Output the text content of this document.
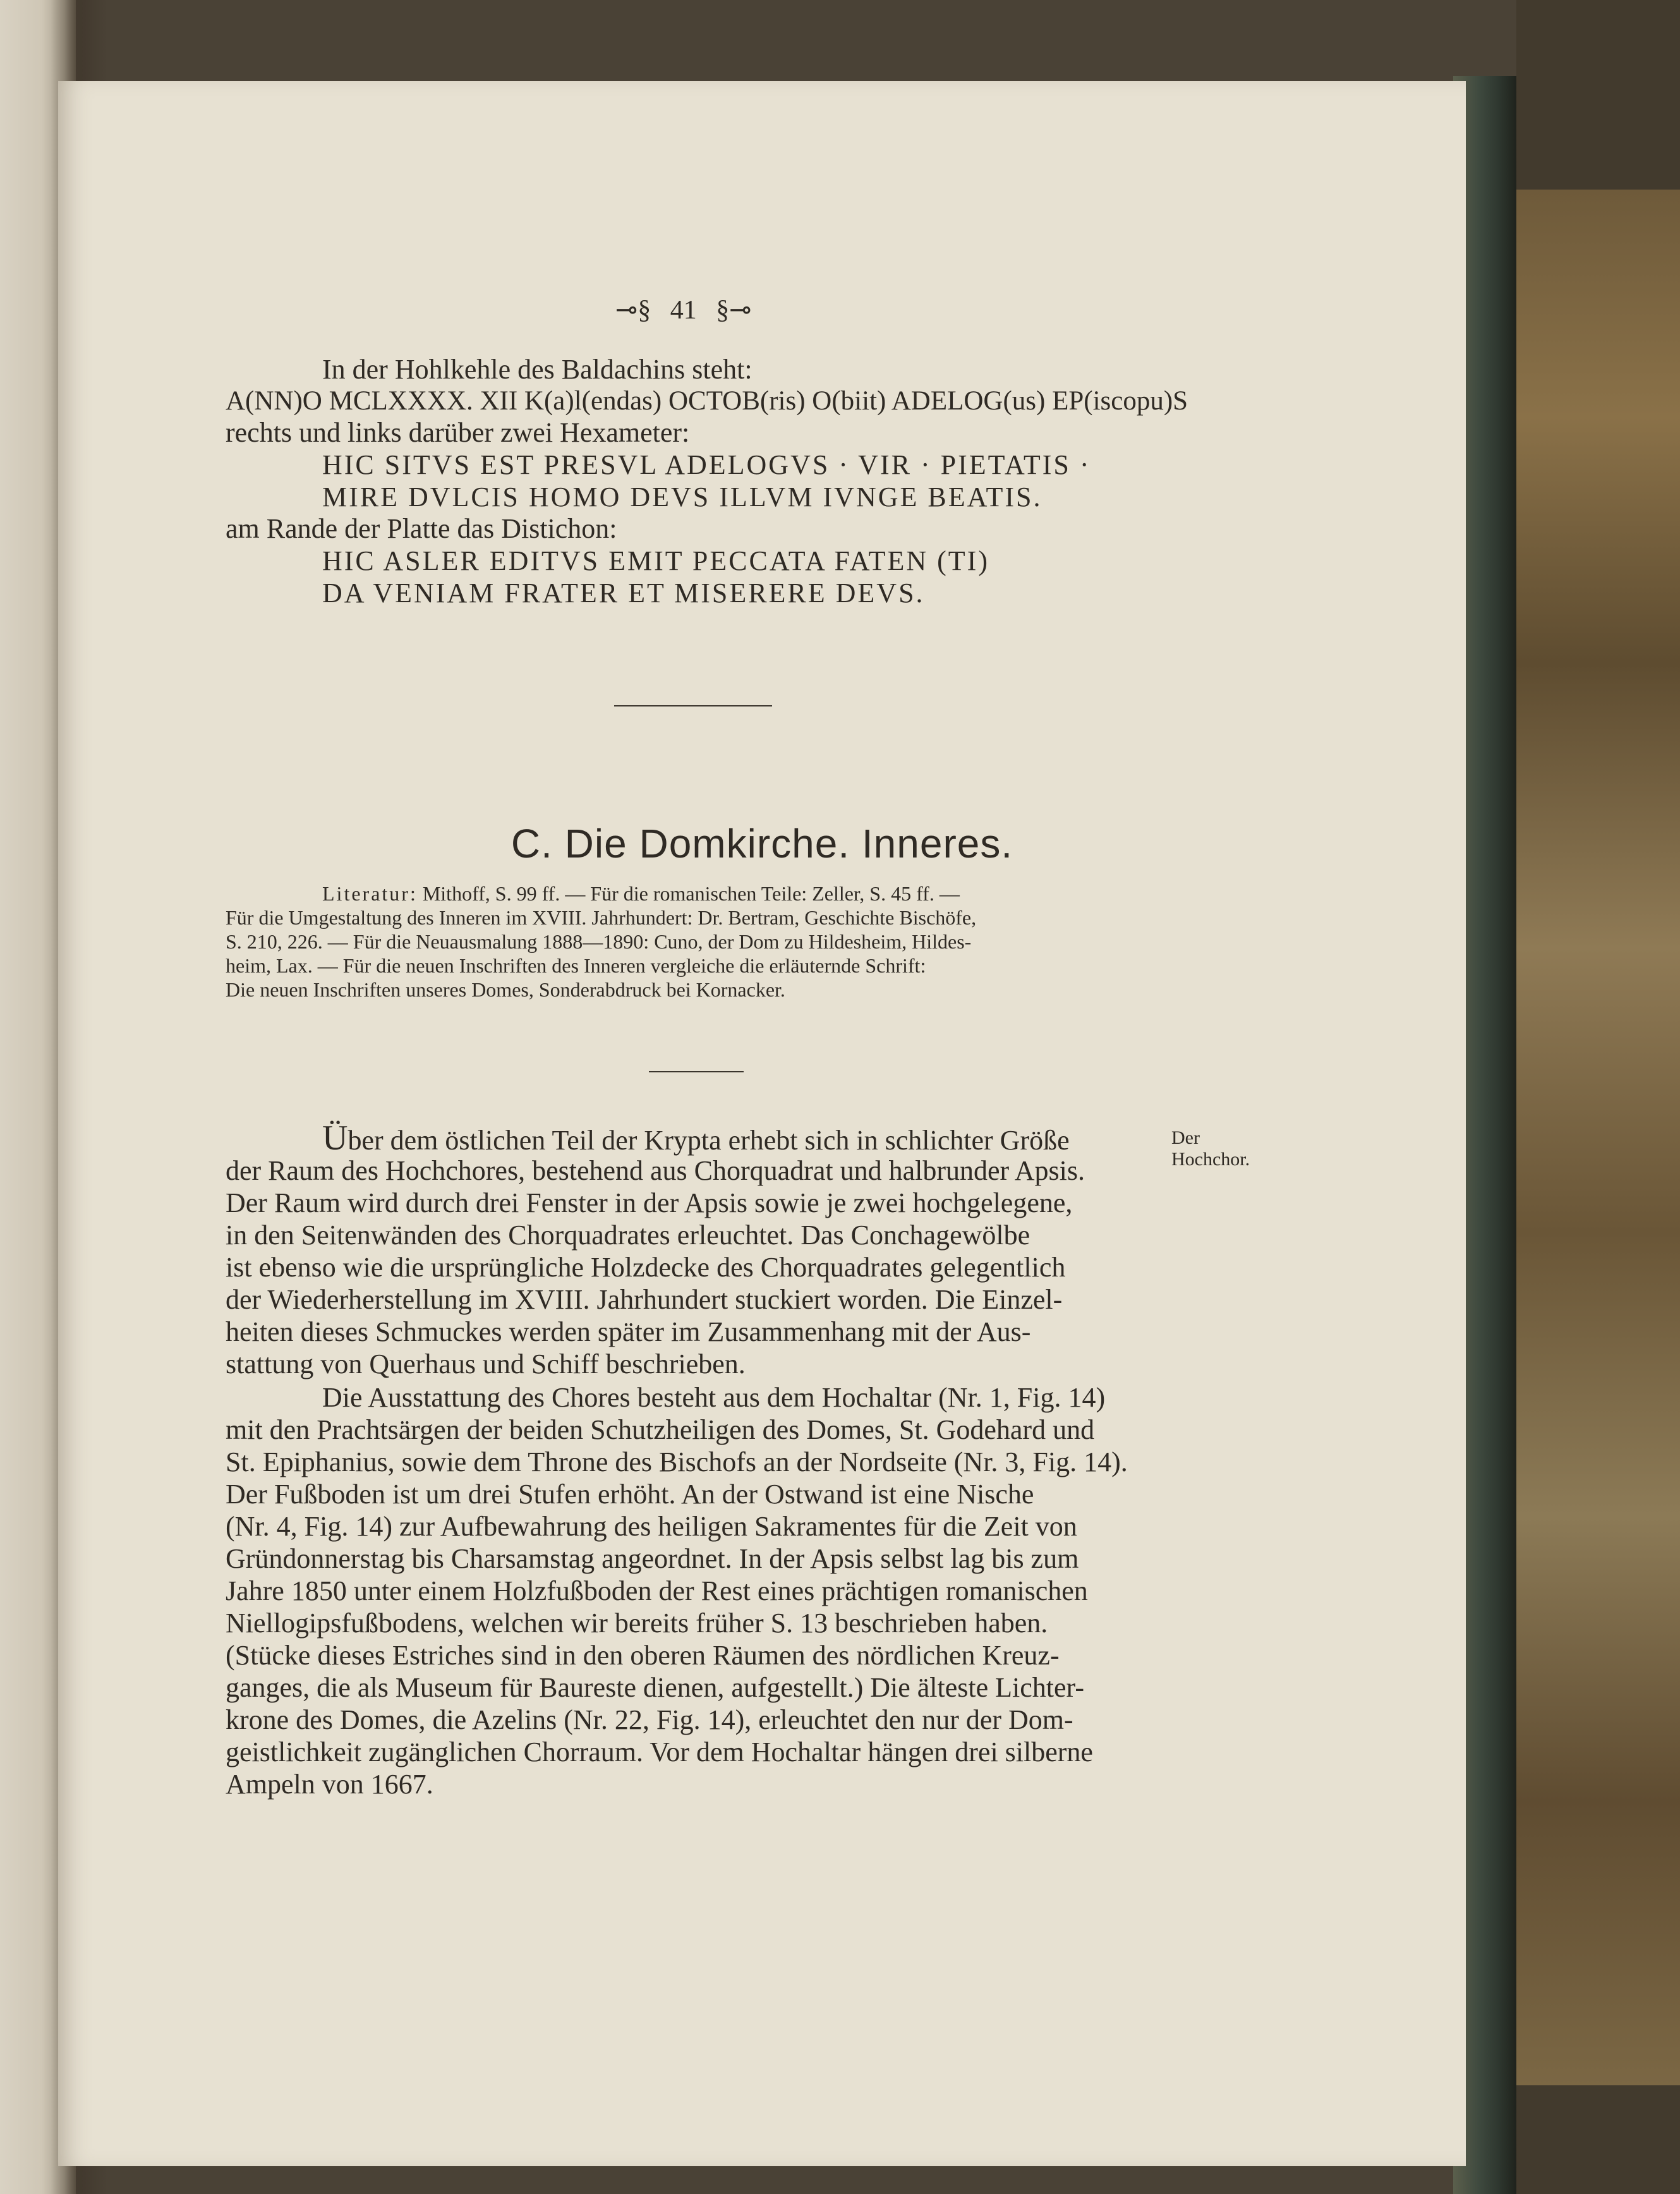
⊸§ 41 §⊸
In der Hohlkehle des Baldachins steht:
A(NN)O MCLXXXX. XII K(a)l(endas) OCTOB(ris) O(biit) ADELOG(us) EP(iscopu)S
rechts und links darüber zwei Hexameter:
HIC SITVS EST PRESVL ADELOGVS · VIR · PIETATIS ·
MIRE DVLCIS HOMO DEVS ILLVM IVNGE BEATIS.
am Rande der Platte das Distichon:
HIC ASLER EDITVS EMIT PECCATA FATEN (TI)
DA VENIAM FRATER ET MISERERE DEVS.
C. Die Domkirche. Inneres.
Literatur: Mithoff, S. 99 ff. — Für die romanischen Teile: Zeller, S. 45 ff. —
Für die Umgestaltung des Inneren im XVIII. Jahrhundert: Dr. Bertram, Geschichte Bischöfe,
S. 210, 226. — Für die Neuausmalung 1888—1890: Cuno, der Dom zu Hildesheim, Hildes-
heim, Lax. — Für die neuen Inschriften des Inneren vergleiche die erläuternde Schrift:
Die neuen Inschriften unseres Domes, Sonderabdruck bei Kornacker.
Der
Hochchor.
Über dem östlichen Teil der Krypta erhebt sich in schlichter Größe
der Raum des Hochchores, bestehend aus Chorquadrat und halbrunder Apsis.
Der Raum wird durch drei Fenster in der Apsis sowie je zwei hochgelegene,
in den Seitenwänden des Chorquadrates erleuchtet. Das Conchagewölbe
ist ebenso wie die ursprüngliche Holzdecke des Chorquadrates gelegentlich
der Wiederherstellung im XVIII. Jahrhundert stuckiert worden. Die Einzel-
heiten dieses Schmuckes werden später im Zusammenhang mit der Aus-
stattung von Querhaus und Schiff beschrieben.
Die Ausstattung des Chores besteht aus dem Hochaltar (Nr. 1, Fig. 14)
mit den Prachtsärgen der beiden Schutzheiligen des Domes, St. Godehard und
St. Epiphanius, sowie dem Throne des Bischofs an der Nordseite (Nr. 3, Fig. 14).
Der Fußboden ist um drei Stufen erhöht. An der Ostwand ist eine Nische
(Nr. 4, Fig. 14) zur Aufbewahrung des heiligen Sakramentes für die Zeit von
Gründonnerstag bis Charsamstag angeordnet. In der Apsis selbst lag bis zum
Jahre 1850 unter einem Holzfußboden der Rest eines prächtigen romanischen
Niellogipsfußbodens, welchen wir bereits früher S. 13 beschrieben haben.
(Stücke dieses Estriches sind in den oberen Räumen des nördlichen Kreuz-
ganges, die als Museum für Baureste dienen, aufgestellt.) Die älteste Lichter-
krone des Domes, die Azelins (Nr. 22, Fig. 14), erleuchtet den nur der Dom-
geistlichkeit zugänglichen Chorraum. Vor dem Hochaltar hängen drei silberne
Ampeln von 1667.
